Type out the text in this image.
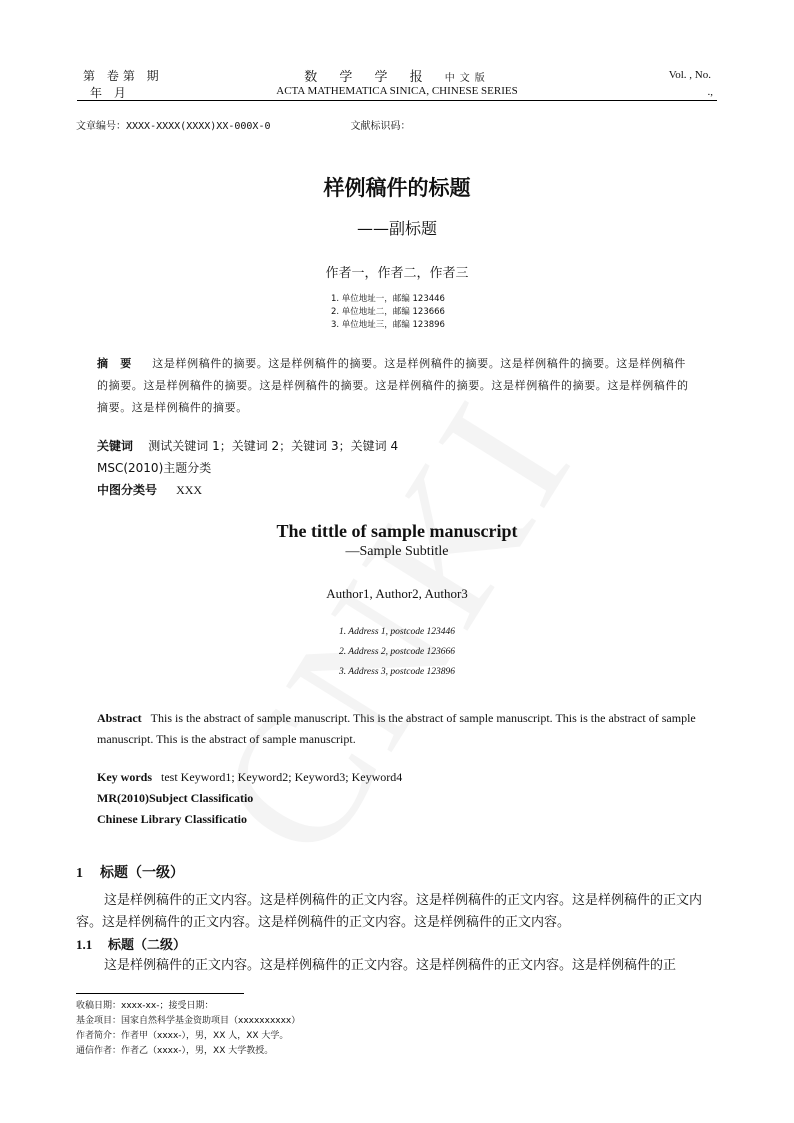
第 卷第 期
年 月
数 学 学 报 中文版
ACTA MATHEMATICA SINICA, CHINESE SERIES
Vol. , No.
.,
文章编号：XXXX-XXXX(XXXX)XX-000X-0	文献标识码：
样例稿件的标题
——副标题
作者一，作者二，作者三
1. 单位地址一，邮编 123446
2. 单位地址二，邮编 123666
3. 单位地址三，邮编 123896
摘　要 这是样例稿件的摘要。这是样例稿件的摘要。这是样例稿件的摘要。这是样例稿件的摘要。这是样例稿件的摘要。这是样例稿件的摘要。这是样例稿件的摘要。这是样例稿件的摘要。这是样例稿件的摘要。这是样例稿件的摘要。这是样例稿件的摘要。
关键词 测试关键词 1；关键词 2；关键词 3；关键词 4
MSC(2010)主题分类
中图分类号 XXX
The tittle of sample manuscript
—Sample Subtitle
Author1, Author2, Author3
1. Address 1, postcode 123446
2. Address 2, postcode 123666
3. Address 3, postcode 123896
Abstract This is the abstract of sample manuscript. This is the abstract of sample manuscript. This is the abstract of sample manuscript. This is the abstract of sample manuscript.
Key words test Keyword1; Keyword2; Keyword3; Keyword4
MR(2010)Subject Classificatio
Chinese Library Classificatio
1 标题（一级）
这是样例稿件的正文内容。这是样例稿件的正文内容。这是样例稿件的正文内容。这是样例稿件的正文内容。这是样例稿件的正文内容。这是样例稿件的正文内容。这是样例稿件的正文内容。
1.1 标题（二级）
这是样例稿件的正文内容。这是样例稿件的正文内容。这是样例稿件的正文内容。这是样例稿件的正
收稿日期：xxxx-xx-；接受日期：
基金项目：国家自然科学基金资助项目（xxxxxxxxxx）
作者简介：作者甲（xxxx-），男，XX 人，XX 大学。
通信作者：作者乙（xxxx-），男，XX 大学教授。
